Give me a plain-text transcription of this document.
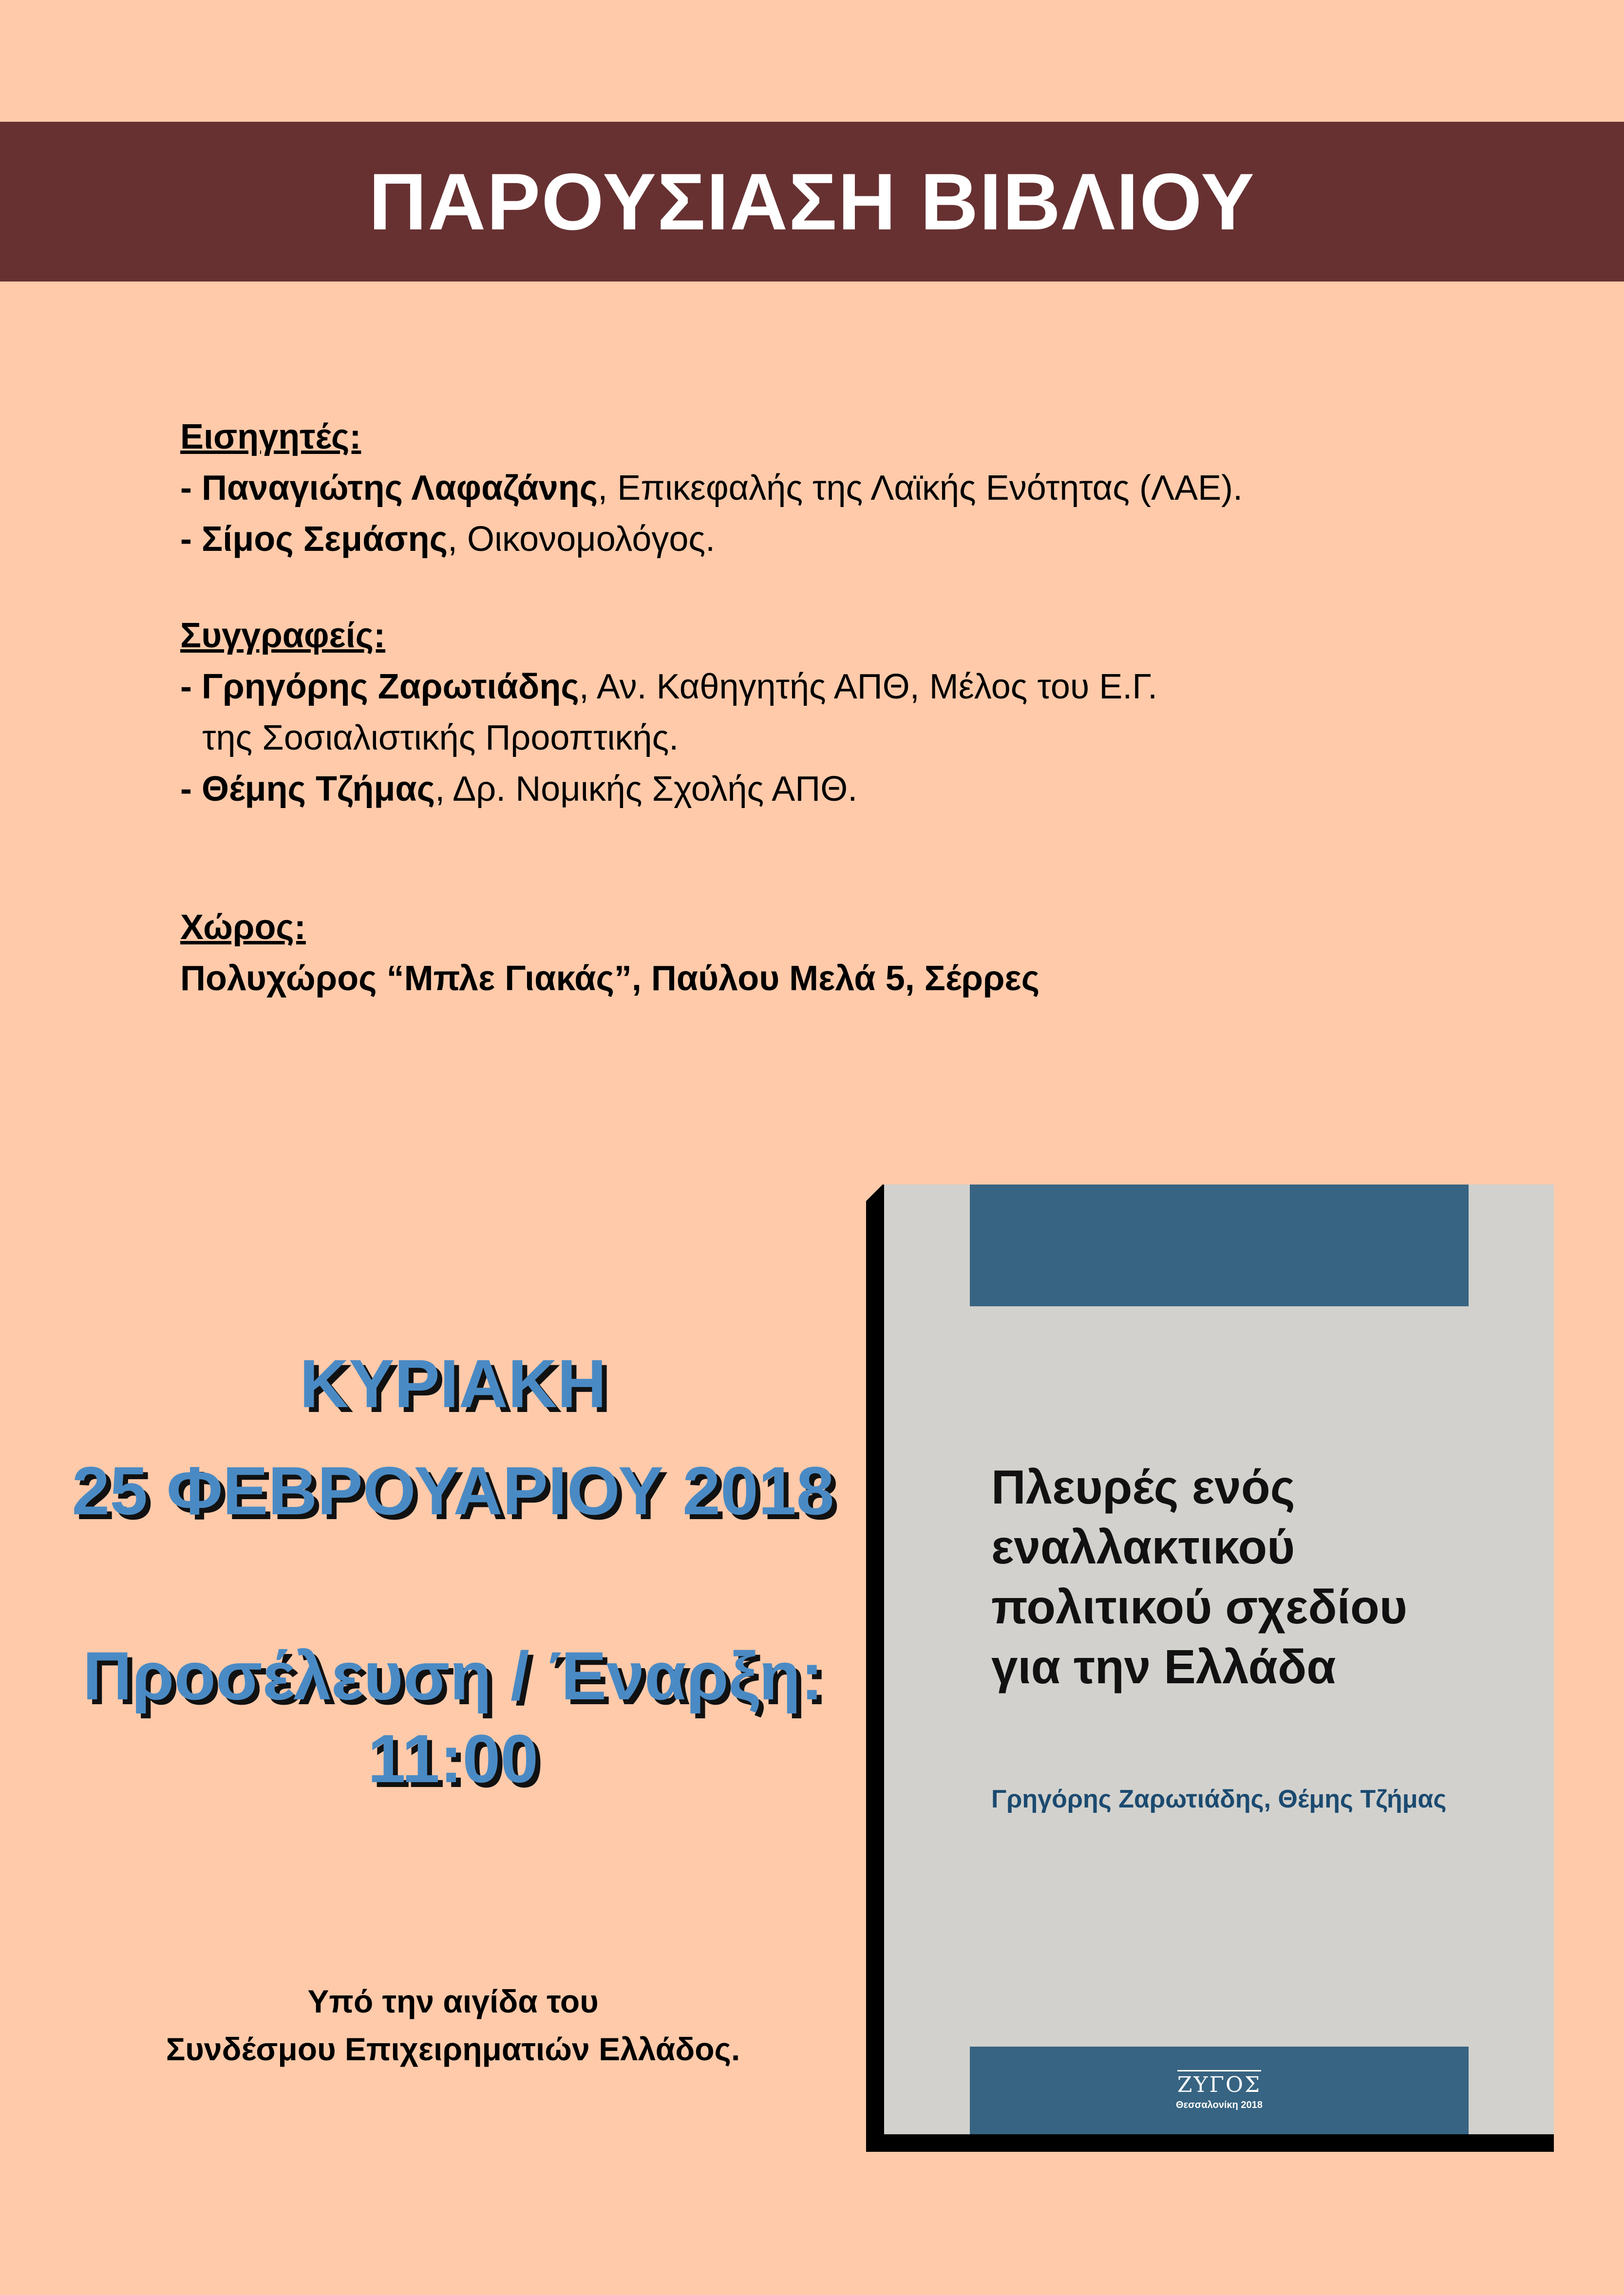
ΠΑΡΟΥΣΙΑΣΗ ΒΙΒΛΙΟΥ
Εισηγητές:
- Παναγιώτης Λαφαζάνης, Επικεφαλής της Λαϊκής Ενότητας (ΛΑΕ).
- Σίμος Σεμάσης, Οικονομολόγος.
Συγγραφείς:
- Γρηγόρης Ζαρωτιάδης, Αν. Καθηγητής ΑΠΘ, Μέλος του Ε.Γ.
της Σοσιαλιστικής Προοπτικής.
- Θέμης Τζήμας, Δρ. Νομικής Σχολής ΑΠΘ.
Χώρος:
Πολυχώρος “Μπλε Γιακάς”, Παύλου Μελά 5, Σέρρες
ΚΥΡΙΑΚΗ
25 ΦΕΒΡΟΥΑΡΙΟΥ 2018
Προσέλευση / Έναρξη:
11:00
Υπό την αιγίδα του
Συνδέσμου Επιχειρηματιών Ελλάδος.
Πλευρές ενός
εναλλακτικού
πολιτικού σχεδίου
για την Ελλάδα
Γρηγόρης Ζαρωτιάδης, Θέμης Τζήμας
ΖΥΓΟΣ
Θεσσαλονίκη 2018
